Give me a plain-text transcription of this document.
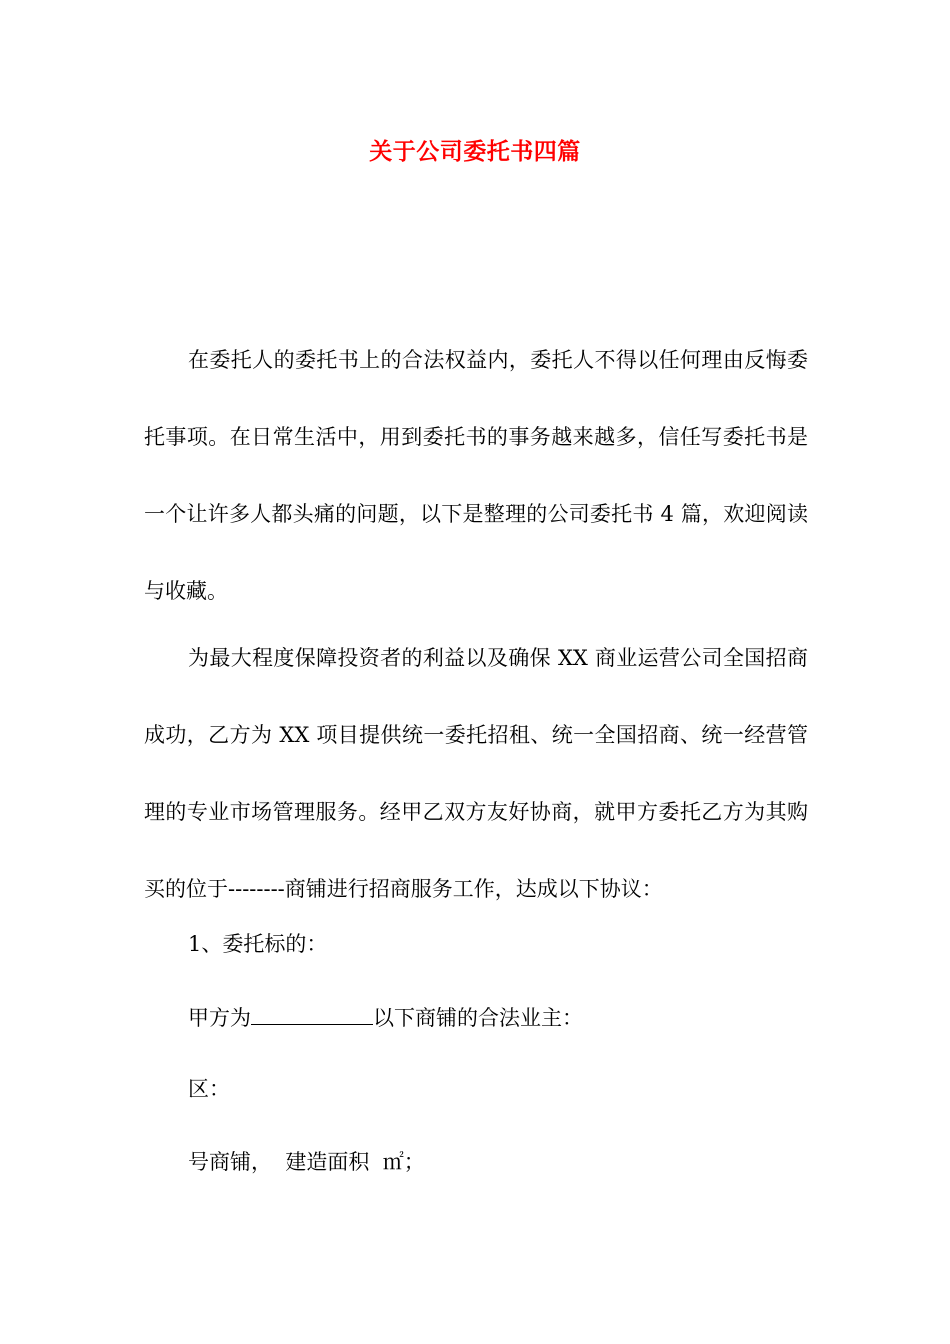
关于公司委托书四篇

在委托人的委托书上的合法权益内，委托人不得以任何理由反悔委托事项。在日常生活中，用到委托书的事务越来越多，信任写委托书是一个让许多人都头痛的问题，以下是整理的公司委托书 4 篇，欢迎阅读与收藏。

为最大程度保障投资者的利益以及确保 XX 商业运营公司全国招商成功，乙方为 XX 项目提供统一委托招租、统一全国招商、统一经营管理的专业市场管理服务。经甲乙双方友好协商，就甲方委托乙方为其购买的位于--------商铺进行招商服务工作，达成以下协议：

1、委托标的：
甲方为	以下商铺的合法业主：
区：
号商铺，  建造面积  ㎡；
